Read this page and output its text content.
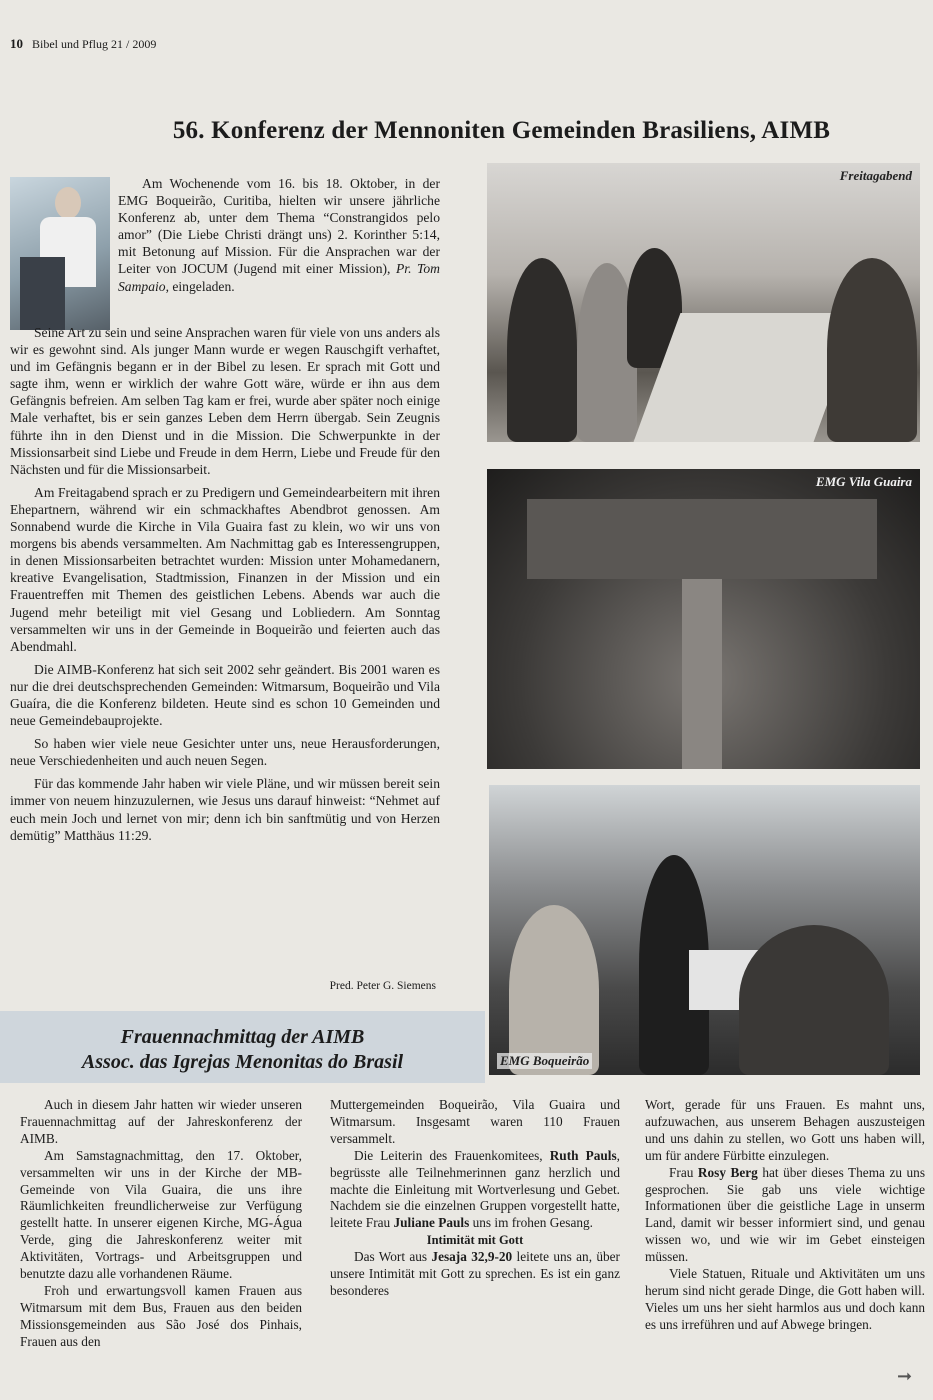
10 Bibel und Pflug 21 / 2009
56. Konferenz der Mennoniten Gemeinden Brasiliens, AIMB

Am Wochenende vom 16. bis 18. Oktober, in der EMG Boqueirão, Curitiba, hielten wir unsere jährliche Konferenz ab, unter dem Thema “Constrangidos pelo amor” (Die Liebe Christi drängt uns) 2. Korinther 5:14, mit Betonung auf Mission. Für die Ansprachen war der Leiter von JOCUM (Jugend mit einer Mission), Pr. Tom Sampaio, eingeladen.

Seine Art zu sein und seine Ansprachen waren für viele von uns anders als wir es gewohnt sind. Als junger Mann wurde er wegen Rauschgift verhaftet, und im Gefängnis begann er in der Bibel zu lesen. Er sprach mit Gott und sagte ihm, wenn er wirklich der wahre Gott wäre, würde er ihn aus dem Gefängnis befreien. Am selben Tag kam er frei, wurde aber später noch einige Male verhaftet, bis er sein ganzes Leben dem Herrn übergab. Sein Zeugnis führte ihn in den Dienst und in die Mission. Die Schwerpunkte in der Missionsarbeit sind Liebe und Freude in dem Herrn, Liebe und Freude für den Nächsten und für die Missionsarbeit.

Am Freitagabend sprach er zu Predigern und Gemeindearbeitern mit ihren Ehepartnern, während wir ein schmackhaftes Abendbrot genossen. Am Sonnabend wurde die Kirche in Vila Guaira fast zu klein, wo wir uns von morgens bis abends versammelten. Am Nachmittag gab es Interessengruppen, in denen Missionsarbeiten betrachtet wurden: Mission unter Mohamedanern, kreative Evangelisation, Stadtmission, Finanzen in der Mission und ein Frauentreffen mit Themen des geistlichen Lebens. Abends war auch die Jugend mehr beteiligt mit viel Gesang und Lobliedern. Am Sonntag versammelten wir uns in der Gemeinde in Boqueirão und feierten auch das Abendmahl.

Die AIMB-Konferenz hat sich seit 2002 sehr geändert. Bis 2001 waren es nur die drei deutschsprechenden Gemeinden: Witmarsum, Boqueirão und Vila Guaíra, die die Konferenz bildeten. Heute sind es schon 10 Gemeinden und neue Gemeindebauprojekte.

So haben wier viele neue Gesichter unter uns, neue Herausforderungen, neue Verschiedenheiten und auch neuen Segen.

Für das kommende Jahr haben wir viele Pläne, und wir müssen bereit sein immer von neuem hinzuzulernen, wie Jesus uns darauf hinweist: “Nehmet auf euch mein Joch und lernet von mir; denn ich bin sanftmütig und von Herzen demütig” Matthäus 11:29.

Pred. Peter G. Siemens
Freitagabend
EMG Vila Guaira
EMG Boqueirão
Frauennachmittag der AIMB
Assoc. das Igrejas Menonitas do Brasil

Auch in diesem Jahr hatten wir wieder unseren Frauennachmittag auf der Jahreskonferenz der AIMB.

Am Samstagnachmittag, den 17. Oktober, versammelten wir uns in der Kirche der MB-Gemeinde von Vila Guaira, die uns ihre Räumlichkeiten freundlicherweise zur Verfügung gestellt hatte. In unserer eigenen Kirche, MG-Água Verde, ging die Jahreskonferenz weiter mit Aktivitäten, Vortrags- und Arbeitsgruppen und benutzte dazu alle vorhandenen Räume.

Froh und erwartungsvoll kamen Frauen aus Witmarsum mit dem Bus, Frauen aus den beiden Missionsgemeinden aus São José dos Pinhais, Frauen aus den

Muttergemeinden Boqueirão, Vila Guaira und Witmarsum. Insgesamt waren 110 Frauen versammelt.

Die Leiterin des Frauenkomitees, Ruth Pauls, begrüsste alle Teilnehmerinnen ganz herzlich und machte die Einleitung mit Wortverlesung und Gebet. Nachdem sie die einzelnen Gruppen vorgestellt hatte, leitete Frau Juliane Pauls uns im frohen Gesang.

Intimität mit Gott

Das Wort aus Jesaja 32,9-20 leitete uns an, über unsere Intimität mit Gott zu sprechen. Es ist ein ganz besonderes

Wort, gerade für uns Frauen. Es mahnt uns, aufzuwachen, aus unserem Behagen auszusteigen und uns dahin zu stellen, wo Gott uns haben will, um für andere Fürbitte einzulegen.

Frau Rosy Berg hat über dieses Thema zu uns gesprochen. Sie gab uns viele wichtige Informationen über die geistliche Lage in unserm Land, damit wir besser informiert sind, und genau wissen wo, und wie wir im Gebet einsteigen müssen.

Viele Statuen, Rituale und Aktivitäten um uns herum sind nicht gerade Dinge, die Gott haben will. Vieles um uns her sieht harmlos aus und doch kann es uns irreführen und auf Abwege bringen.

➞
